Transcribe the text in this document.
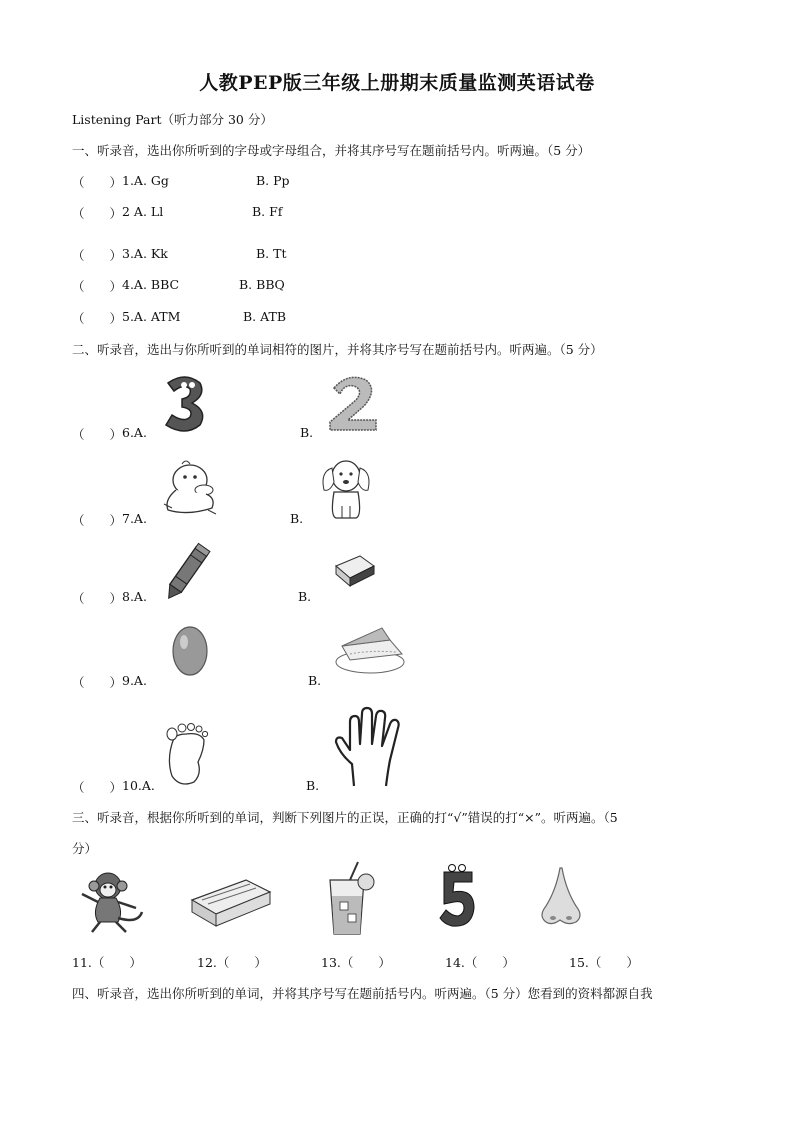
人教PEP版三年级上册期末质量监测英语试卷
Listening Part（听力部分 30 分）
一、听录音，选出你所听到的字母或字母组合，并将其序号写在题前括号内。听两遍。（5 分）
（　　） 1.A. Gg	B. Pp
（　　） 2 A. Ll	B. Ff
（　　） 3.A. Kk	B. Tt
（　　） 4.A. BBC	B. BBQ
（　　） 5.A. ATM	B. ATB
二、听录音，选出与你所听到的单词相符的图片，并将其序号写在题前括号内。听两遍。（5 分）
（　　） 6.A.	B.
（　　） 7.A.	B.
（　　） 8.A.	B.
（　　） 9.A.	B.
（　　） 10.A.	B.
三、听录音，根据你所听到的单词，判断下列图片的正误，正确的打“√”错误的打“×”。听两遍。（5
分）
11.（　　）	12.（　　）	13.（　　）	14.（　　）	15.（　　）
四、听录音，选出你所听到的单词，并将其序号写在题前括号内。听两遍。（5 分）您看到的资料都源自我
